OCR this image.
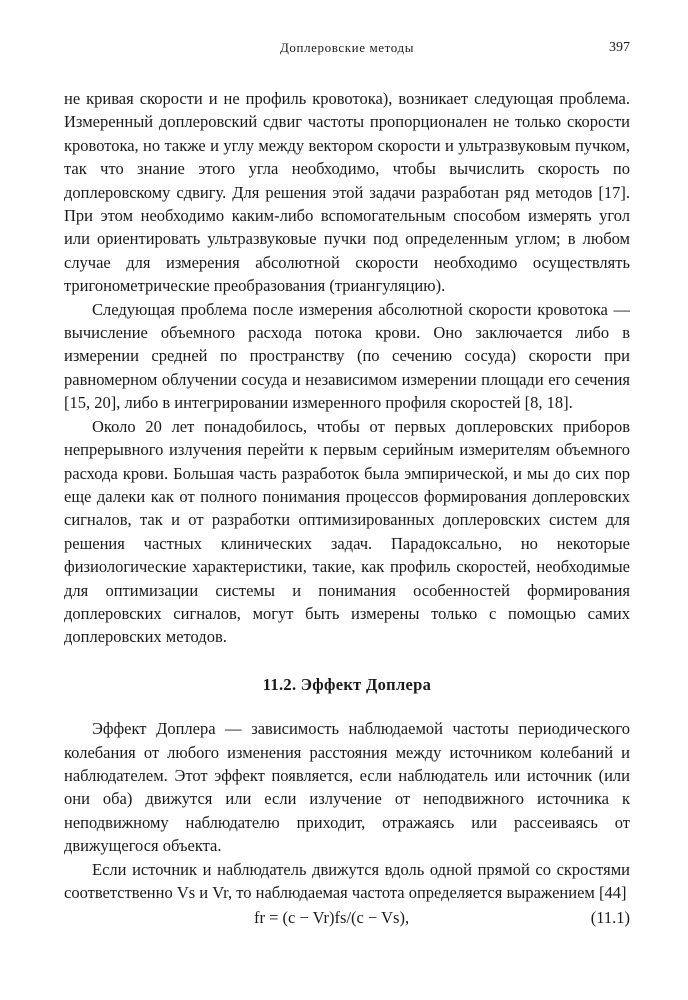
Доплеровские методы	397

не кривая скорости и не профиль кровотока), возникает следующая проблема. Измеренный доплеровский сдвиг частоты пропорционален не только скорости кровотока, но также и углу между вектором скорости и ультразвуковым пучком, так что знание этого угла необходимо, чтобы вычислить скорость по доплеровскому сдвигу. Для решения этой задачи разработан ряд методов [17]. При этом необходимо каким-либо вспомогательным способом измерять угол или ориентировать ультразвуковые пучки под определенным углом; в любом случае для измерения абсолютной скорости необходимо осуществлять тригонометрические преобразования (триангуляцию).

Следующая проблема после измерения абсолютной скорости кровотока — вычисление объемного расхода потока крови. Оно заключается либо в измерении средней по пространству (по сечению сосуда) скорости при равномерном облучении сосуда и независимом измерении площади его сечения [15, 20], либо в интегрировании измеренного профиля скоростей [8, 18].

Около 20 лет понадобилось, чтобы от первых доплеровских приборов непрерывного излучения перейти к первым серийным измерителям объемного расхода крови. Большая часть разработок была эмпирической, и мы до сих пор еще далеки как от полного понимания процессов формирования доплеровских сигналов, так и от разработки оптимизированных доплеровских систем для решения частных клинических задач. Парадоксально, но некоторые физиологические характеристики, такие, как профиль скоростей, необходимые для оптимизации системы и понимания особенностей формирования доплеровских сигналов, могут быть измерены только с помощью самих доплеровских методов.

11.2. Эффект Доплера

Эффект Доплера — зависимость наблюдаемой частоты периодического колебания от любого изменения расстояния между источником колебаний и наблюдателем. Этот эффект появляется, если наблюдатель или источник (или они оба) движутся или если излучение от неподвижного источника к неподвижному наблюдателю приходит, отражаясь или рассеиваясь от движущегося объекта.

Если источник и наблюдатель движутся вдоль одной прямой со скростями соответственно Vs и Vr, то наблюдаемая частота определяется выражением [44]

fr = (c − Vr)fs/(c − Vs),	(11.1)
